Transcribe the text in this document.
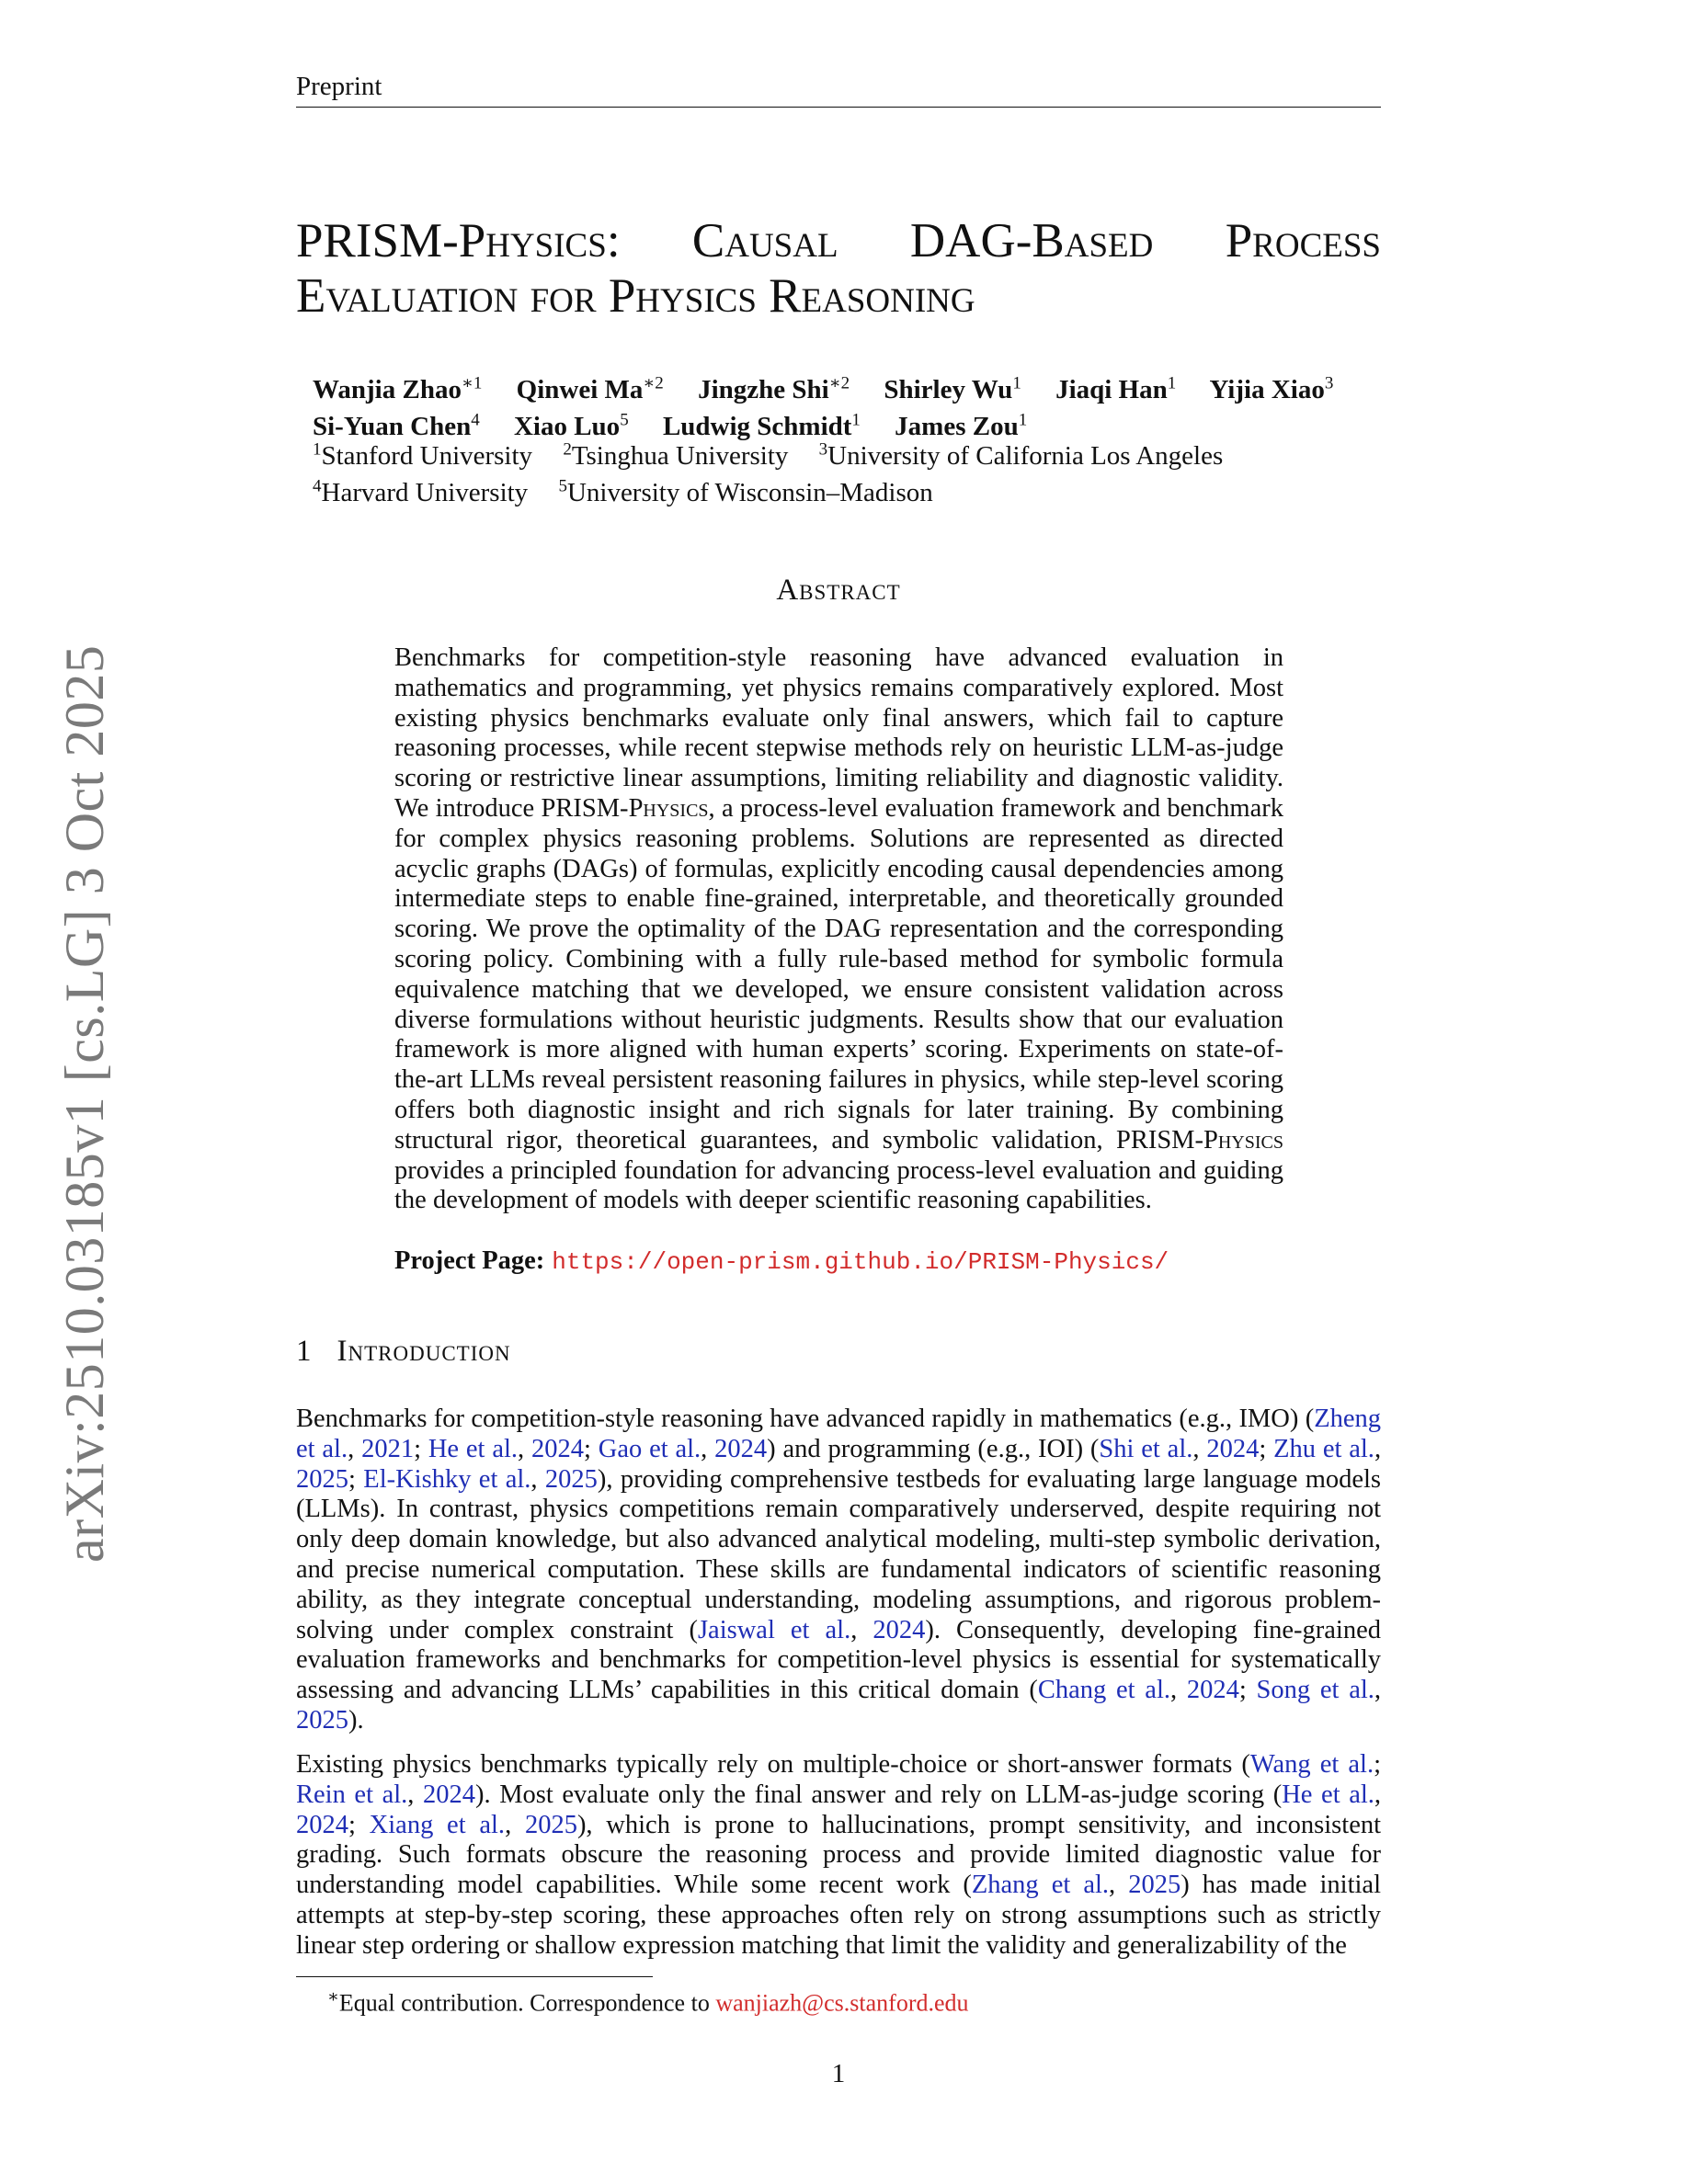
Preprint
arXiv:2510.03185v1 [cs.LG] 3 Oct 2025
PRISM-Physics: Causal DAG-Based Process
Evaluation for Physics Reasoning
Wanjia Zhao$^{∗1}$ Qinwei $Ma^{∗2}$ Jingzhe Shi$^{∗2}$ Shirley Wu$^1$ Jiaqi Han$^1$ Yijia Xiao$^3$
Si-Yuan Chen$^4$ Xiao Luo$^5$ Ludwig Schmidt$^1$ James Zou$^1$
$^1$Stanford University $^2$Tsinghua University $^3$University of California Los Angeles
$^4$Harvard University $^5$University of Wisconsin–Madison
Abstract
Benchmarks for competition-style reasoning have advanced evaluation in mathematics and programming, yet physics remains comparatively explored. Most existing physics benchmarks evaluate only final answers, which fail to capture reasoning processes, while recent stepwise methods rely on heuristic LLM-as-judge scoring or restrictive linear assumptions, limiting reliability and diagnostic validity. We introduce PRISM-Physics, a process-level evaluation framework and benchmark for complex physics reasoning problems. Solutions are represented as directed acyclic graphs (DAGs) of formulas, explicitly encoding causal dependencies among intermediate steps to enable fine-grained, interpretable, and theoretically grounded scoring. We prove the optimality of the DAG representation and the corresponding scoring policy. Combining with a fully rule-based method for symbolic formula equivalence matching that we developed, we ensure consistent validation across diverse formulations without heuristic judgments. Results show that our evaluation framework is more aligned with human experts’ scoring. Experiments on state-of-the-art LLMs reveal persistent reasoning failures in physics, while step-level scoring offers both diagnostic insight and rich signals for later training. By combining structural rigor, theoretical guarantees, and symbolic validation, PRISM-Physics provides a principled foundation for advancing process-level evaluation and guiding the development of models with deeper scientific reasoning capabilities.
Project Page: https://open-prism.github.io/PRISM-Physics/
1 Introduction
Benchmarks for competition-style reasoning have advanced rapidly in mathematics (e.g., IMO) (Zheng et al., 2021; He et al., 2024; Gao et al., 2024) and programming (e.g., IOI) (Shi et al., 2024; Zhu et al., 2025; El-Kishky et al., 2025), providing comprehensive testbeds for evaluating large language models (LLMs). In contrast, physics competitions remain comparatively underserved, despite requiring not only deep domain knowledge, but also advanced analytical modeling, multi-step symbolic derivation, and precise numerical computation. These skills are fundamental indicators of scientific reasoning ability, as they integrate conceptual understanding, modeling assumptions, and rigorous problem-solving under complex constraint (Jaiswal et al., 2024). Consequently, developing fine-grained evaluation frameworks and benchmarks for competition-level physics is essential for systematically assessing and advancing LLMs’ capabilities in this critical domain (Chang et al., 2024; Song et al., 2025).
Existing physics benchmarks typically rely on multiple-choice or short-answer formats (Wang et al.; Rein et al., 2024). Most evaluate only the final answer and rely on LLM-as-judge scoring (He et al., 2024; Xiang et al., 2025), which is prone to hallucinations, prompt sensitivity, and inconsistent grading. Such formats obscure the reasoning process and provide limited diagnostic value for understanding model capabilities. While some recent work (Zhang et al., 2025) has made initial attempts at step-by-step scoring, these approaches often rely on strong assumptions such as strictly linear step ordering or shallow expression matching that limit the validity and generalizability of the
∗Equal contribution. Correspondence to wanjiazh@cs.stanford.edu
1
